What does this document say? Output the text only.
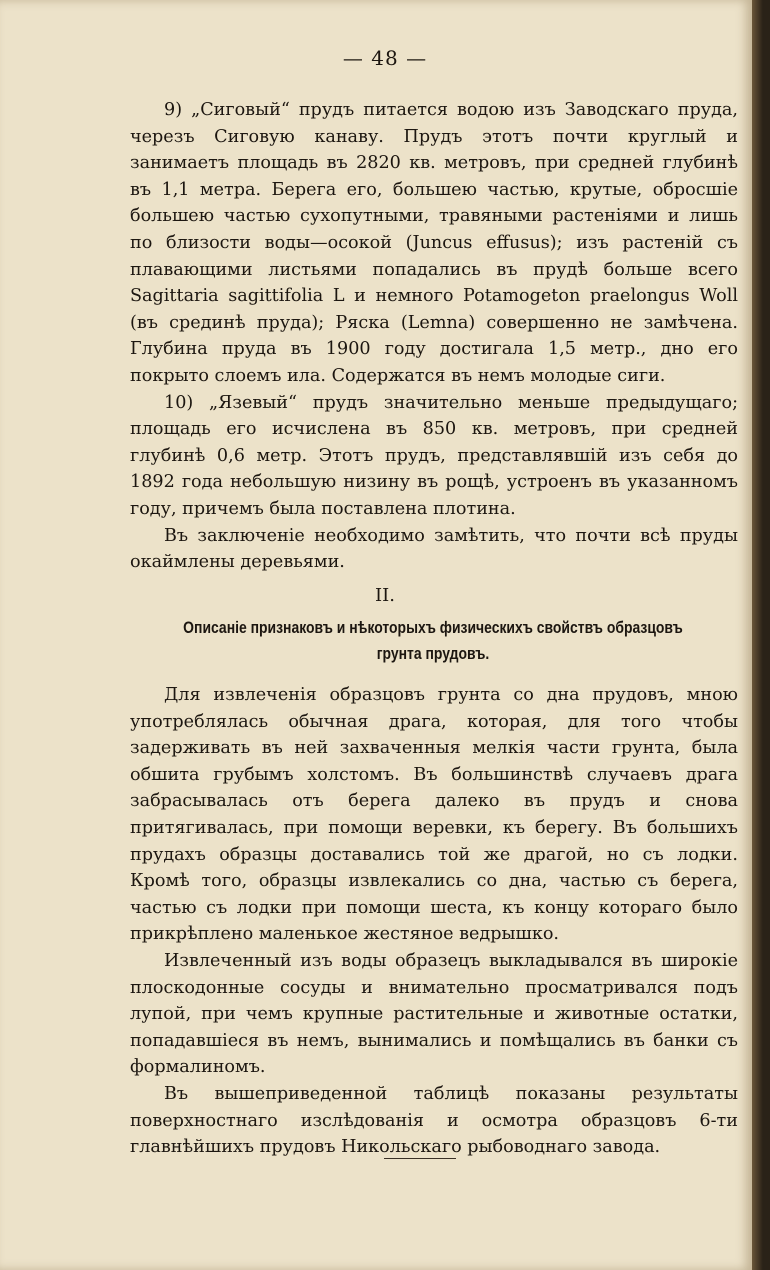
— 48 —

9) „Сиговый“ прудъ питается водою изъ Заводскаго пруда, черезъ Сиговую канаву. Прудъ этотъ почти круглый и занимаетъ площадь въ 2820 кв. метровъ, при средней глубинѣ въ 1,1 метра. Берега его, большею частью, крутые, обросшіе большею частью сухопутными, травяными растеніями и лишь по близости воды—осокой (Juncus effusus); изъ растеній съ плавающими листьями попадались въ прудѣ больше всего Sagittaria sagittifolia L и немного Potamogeton praelongus Woll (въ срединѣ пруда); Ряска (Lemna) совершенно не замѣчена. Глубина пруда въ 1900 году достигала 1,5 метр., дно его покрыто слоемъ ила. Содержатся въ немъ молодые сиги.

10) „Язевый“ прудъ значительно меньше предыдущаго; площадь его исчислена въ 850 кв. метровъ, при средней глубинѣ 0,6 метр. Этотъ прудъ, представлявшій изъ себя до 1892 года небольшую низину въ рощѣ, устроенъ въ указанномъ году, причемъ была поставлена плотина.

Въ заключеніе необходимо замѣтить, что почти всѣ пруды окаймлены деревьями.

II.
Описаніе признаковъ и нѣкоторыхъ физическихъ свойствъ образцовъ грунта прудовъ.

Для извлеченія образцовъ грунта со дна прудовъ, мною употреблялась обычная драга, которая, для того чтобы задерживать въ ней захваченныя мелкія части грунта, была обшита грубымъ холстомъ. Въ большинствѣ случаевъ драга забрасывалась отъ берега далеко въ прудъ и снова притягивалась, при помощи веревки, къ берегу. Въ большихъ прудахъ образцы доставались той же драгой, но съ лодки. Кромѣ того, образцы извлекались со дна, частью съ берега, частью съ лодки при помощи шеста, къ концу котораго было прикрѣплено маленькое жестяное ведрышко.

Извлеченный изъ воды образецъ выкладывался въ широкіе плоскодонные сосуды и внимательно просматривался подъ лупой, при чемъ крупные растительные и животные остатки, попадавшіеся въ немъ, вынимались и помѣщались въ банки съ формалиномъ.

Въ вышеприведенной таблицѣ показаны результаты поверхностнаго изслѣдованія и осмотра образцовъ 6-ти главнѣйшихъ прудовъ Никольскаго рыбоводнаго завода.
